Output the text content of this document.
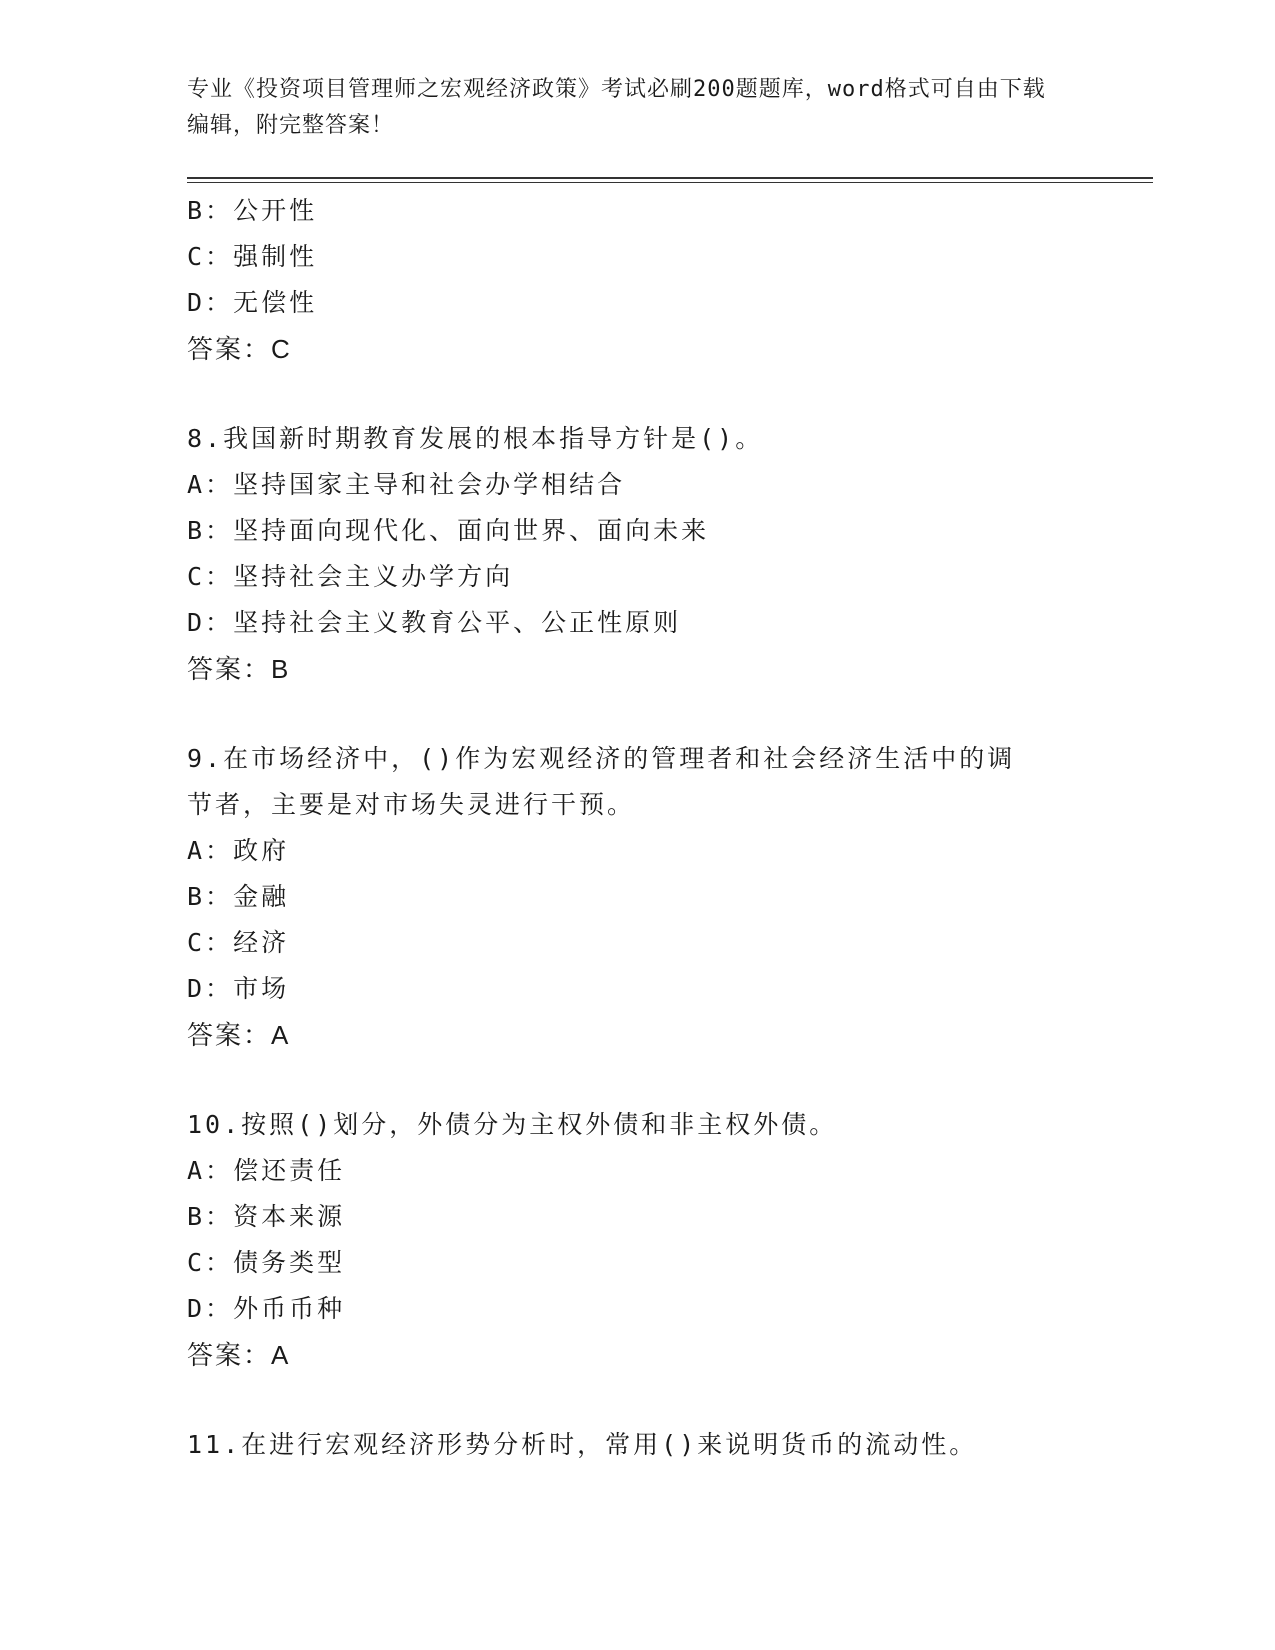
专业《投资项目管理师之宏观经济政策》考试必刷200题题库，word格式可自由下载编辑，附完整答案！
B：公开性
C：强制性
D：无偿性
答案：C
8.我国新时期教育发展的根本指导方针是()。
A：坚持国家主导和社会办学相结合
B：坚持面向现代化、面向世界、面向未来
C：坚持社会主义办学方向
D：坚持社会主义教育公平、公正性原则
答案：B
9.在市场经济中，()作为宏观经济的管理者和社会经济生活中的调节者，主要是对市场失灵进行干预。
A：政府
B：金融
C：经济
D：市场
答案：A
10.按照()划分，外债分为主权外债和非主权外债。
A：偿还责任
B：资本来源
C：债务类型
D：外币币种
答案：A
11.在进行宏观经济形势分析时，常用()来说明货币的流动性。
